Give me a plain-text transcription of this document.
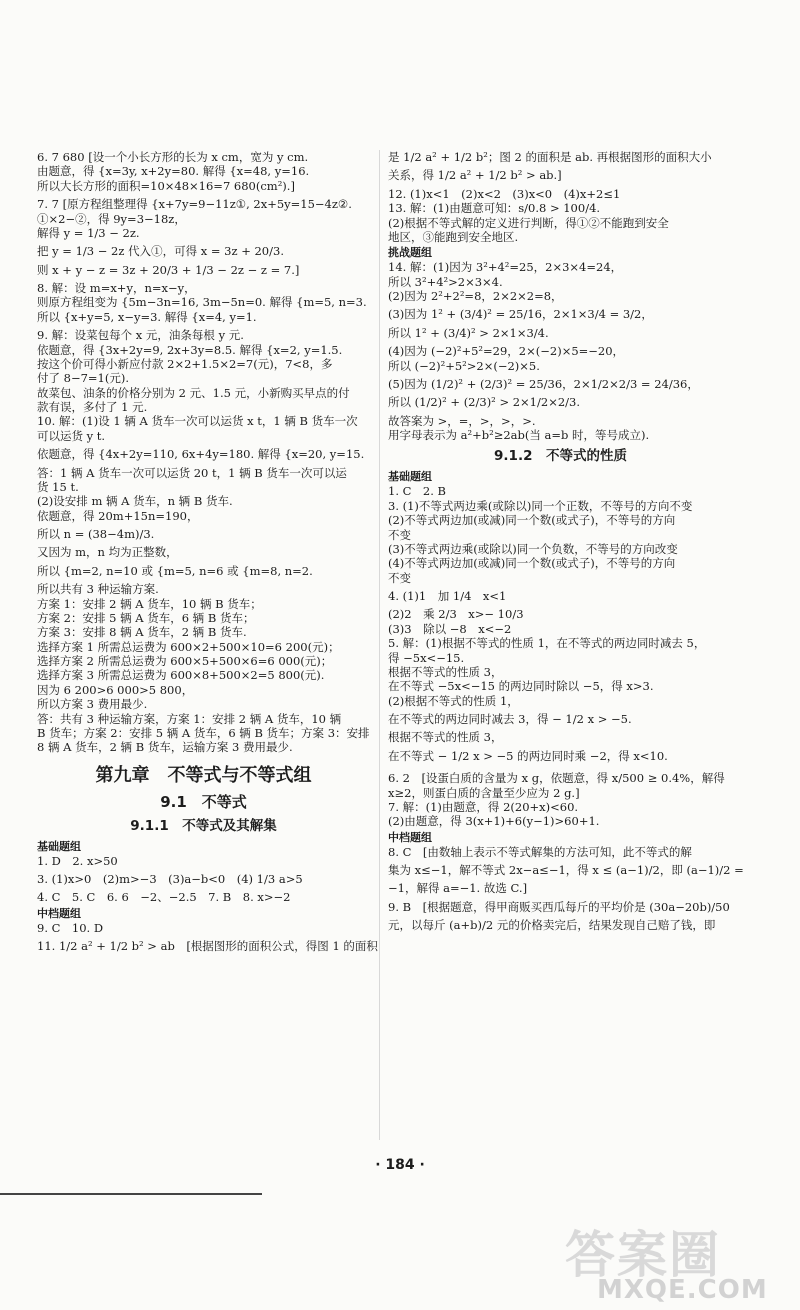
6. 7 680 [设一个小长方形的长为 x cm，宽为 y cm.
由题意，得 {x=3y, x+2y=80. 解得 {x=48, y=16.
所以大长方形的面积=10×48×16=7 680(cm²).]
7. 7 [原方程组整理得 {x+7y=9−11z①, 2x+5y=15−4z②.
①×2−②，得 9y=3−18z，
解得 y = 1/3 − 2z.
把 y = 1/3 − 2z 代入①，可得 x = 3z + 20/3.
则 x + y − z = 3z + 20/3 + 1/3 − 2z − z = 7.]
8. 解：设 m=x+y，n=x−y，
则原方程组变为 {5m−3n=16, 3m−5n=0. 解得 {m=5, n=3.
所以 {x+y=5, x−y=3. 解得 {x=4, y=1.
9. 解：设菜包每个 x 元，油条每根 y 元.
依题意，得 {3x+2y=9, 2x+3y=8.5. 解得 {x=2, y=1.5.
按这个价可得小新应付款 2×2+1.5×2=7(元)，7<8，多
付了 8−7=1(元).
故菜包、油条的价格分别为 2 元、1.5 元，小新购买早点的付
款有误，多付了 1 元.
10. 解：(1)设 1 辆 A 货车一次可以运货 x t，1 辆 B 货车一次
可以运货 y t.
依题意，得 {4x+2y=110, 6x+4y=180. 解得 {x=20, y=15.
答：1 辆 A 货车一次可以运货 20 t，1 辆 B 货车一次可以运
货 15 t.
(2)设安排 m 辆 A 货车，n 辆 B 货车.
依题意，得 20m+15n=190，
所以 n = (38−4m)/3.
又因为 m，n 均为正整数，
所以 {m=2, n=10 或 {m=5, n=6 或 {m=8, n=2.
所以共有 3 种运输方案.
方案 1：安排 2 辆 A 货车，10 辆 B 货车；
方案 2：安排 5 辆 A 货车，6 辆 B 货车；
方案 3：安排 8 辆 A 货车，2 辆 B 货车.
选择方案 1 所需总运费为 600×2+500×10=6 200(元)；
选择方案 2 所需总运费为 600×5+500×6=6 000(元)；
选择方案 3 所需总运费为 600×8+500×2=5 800(元).
因为 6 200>6 000>5 800，
所以方案 3 费用最少.
答：共有 3 种运输方案，方案 1：安排 2 辆 A 货车，10 辆
B 货车；方案 2：安排 5 辆 A 货车，6 辆 B 货车；方案 3：安排
8 辆 A 货车，2 辆 B 货车，运输方案 3 费用最少.
第九章　不等式与不等式组
9.1　不等式
9.1.1　不等式及其解集
基础题组
1. D　2. x>50
3. (1)x>0　(2)m>−3　(3)a−b<0　(4) 1/3 a>5
4. C　5. C　6. 6　−2、−2.5　7. B　8. x>−2
中档题组
9. C　10. D
11. 1/2 a² + 1/2 b² > ab　[根据图形的面积公式，得图 1 的面积
是 1/2 a² + 1/2 b²；图 2 的面积是 ab. 再根据图形的面积大小
关系，得 1/2 a² + 1/2 b² > ab.]
12. (1)x<1　(2)x<2　(3)x<0　(4)x+2≤1
13. 解：(1)由题意可知：s/0.8 > 100/4.
(2)根据不等式解的定义进行判断，得①②不能跑到安全
地区，③能跑到安全地区.
挑战题组
14. 解：(1)因为 3²+4²=25，2×3×4=24，
所以 3²+4²>2×3×4.
(2)因为 2²+2²=8，2×2×2=8，
(3)因为 1² + (3/4)² = 25/16，2×1×3/4 = 3/2，
所以 1² + (3/4)² > 2×1×3/4.
(4)因为 (−2)²+5²=29，2×(−2)×5=−20，
所以 (−2)²+5²>2×(−2)×5.
(5)因为 (1/2)² + (2/3)² = 25/36，2×1/2×2/3 = 24/36，
所以 (1/2)² + (2/3)² > 2×1/2×2/3.
故答案为 >，=，>，>，>.
用字母表示为 a²+b²≥2ab(当 a=b 时，等号成立).
9.1.2　不等式的性质
基础题组
1. C　2. B
3. (1)不等式两边乘(或除以)同一个正数，不等号的方向不变
(2)不等式两边加(或减)同一个数(或式子)，不等号的方向
不变
(3)不等式两边乘(或除以)同一个负数，不等号的方向改变
(4)不等式两边加(或减)同一个数(或式子)，不等号的方向
不变
4. (1)1　加 1/4　x<1
(2)2　乘 2/3　x>− 10/3
(3)3　除以 −8　x<−2
5. 解：(1)根据不等式的性质 1，在不等式的两边同时减去 5，
得 −5x<−15.
根据不等式的性质 3，
在不等式 −5x<−15 的两边同时除以 −5，得 x>3.
(2)根据不等式的性质 1，
在不等式的两边同时减去 3，得 − 1/2 x > −5.
根据不等式的性质 3，
在不等式 − 1/2 x > −5 的两边同时乘 −2，得 x<10.
6. 2　[设蛋白质的含量为 x g，依题意，得 x/500 ≥ 0.4%，解得
x≥2，则蛋白质的含量至少应为 2 g.]
7. 解：(1)由题意，得 2(20+x)<60.
(2)由题意，得 3(x+1)+6(y−1)>60+1.
中档题组
8. C　[由数轴上表示不等式解集的方法可知，此不等式的解
集为 x≤−1，解不等式 2x−a≤−1，得 x ≤ (a−1)/2，即 (a−1)/2 =
−1，解得 a=−1. 故选 C.]
9. B　[根据题意，得甲商贩买西瓜每斤的平均价是 (30a−20b)/50
元，以每斤 (a+b)/2 元的价格卖完后，结果发现自己赔了钱，即
· 184 ·
答案圈
MXQE.COM
